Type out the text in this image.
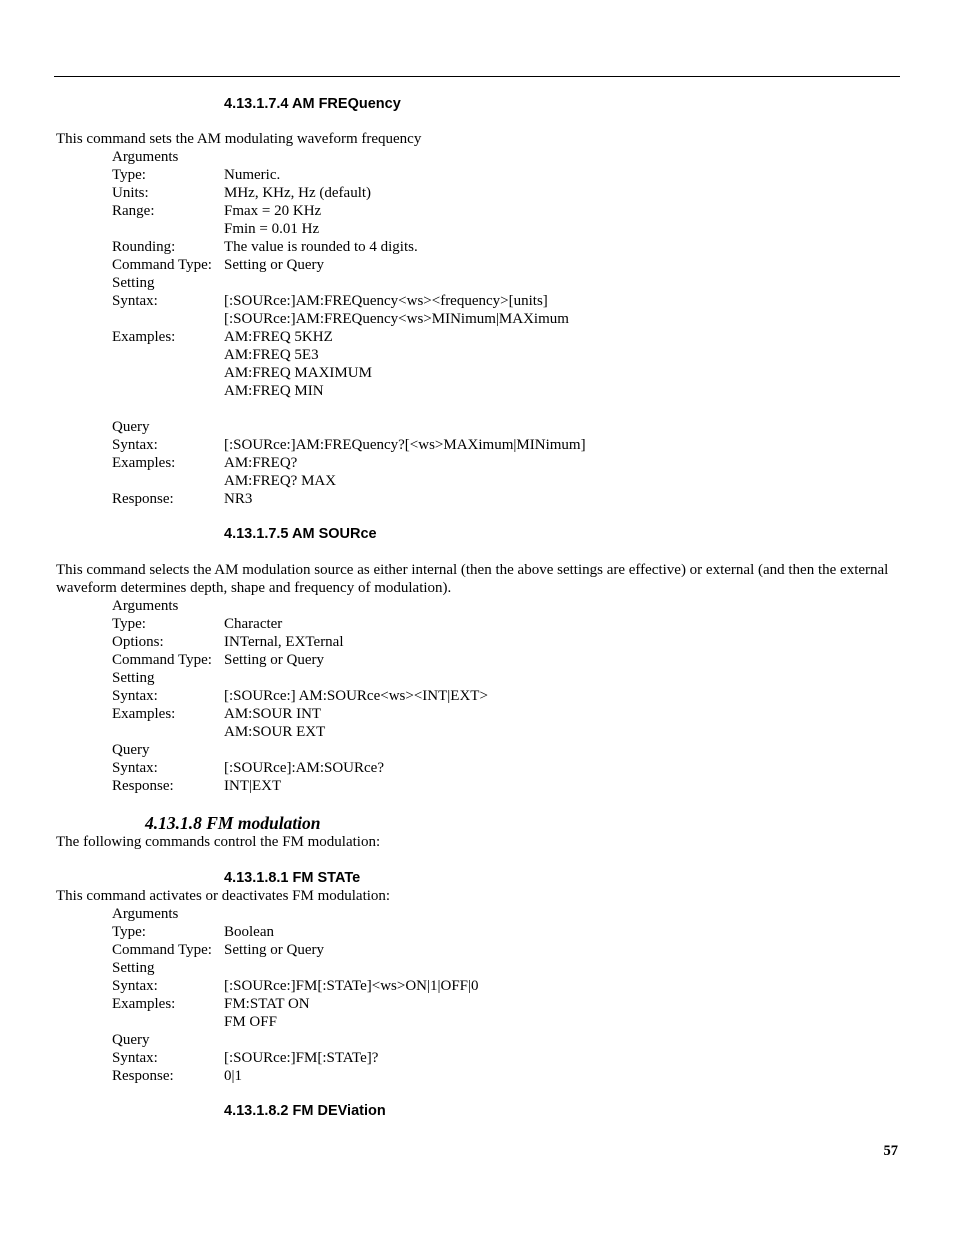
4.13.1.7.4 AM FREQuency
This command sets the AM modulating waveform frequency
Arguments
Type:	Numeric.
Units:	MHz, KHz, Hz (default)
Range:	Fmax = 20 KHz
Fmin = 0.01 Hz
Rounding:	The value is rounded to 4 digits.
Command Type: Setting or Query
Setting
Syntax:	[:SOURce:]AM:FREQuency<ws><frequency>[units]
[:SOURce:]AM:FREQuency<ws>MINimum|MAXimum
Examples:	AM:FREQ 5KHZ
AM:FREQ 5E3
AM:FREQ MAXIMUM
AM:FREQ MIN
Query
Syntax:	[:SOURce:]AM:FREQuency?[<ws>MAXimum|MINimum]
Examples:	AM:FREQ?
AM:FREQ? MAX
Response:	NR3
4.13.1.7.5 AM SOURce
This command selects the AM modulation source as either internal (then the above settings are effective) or external (and then the external waveform determines depth, shape and frequency of modulation).
Arguments
Type:	Character
Options:	INTernal, EXTernal
Command Type: Setting or Query
Setting
Syntax:	[:SOURce:] AM:SOURce<ws><INT|EXT>
Examples:	AM:SOUR INT
AM:SOUR EXT
Query
Syntax:	[:SOURce]:AM:SOURce?
Response:	INT|EXT
4.13.1.8 FM modulation
The following commands control the FM modulation:
4.13.1.8.1 FM STATe
This command activates or deactivates FM modulation:
Arguments
Type:	Boolean
Command Type: Setting or Query
Setting
Syntax:	[:SOURce:]FM[:STATe]<ws>ON|1|OFF|0
Examples:	FM:STAT ON
FM OFF
Query
Syntax:	[:SOURce:]FM[:STATe]?
Response:	0|1
4.13.1.8.2 FM DEViation
57
